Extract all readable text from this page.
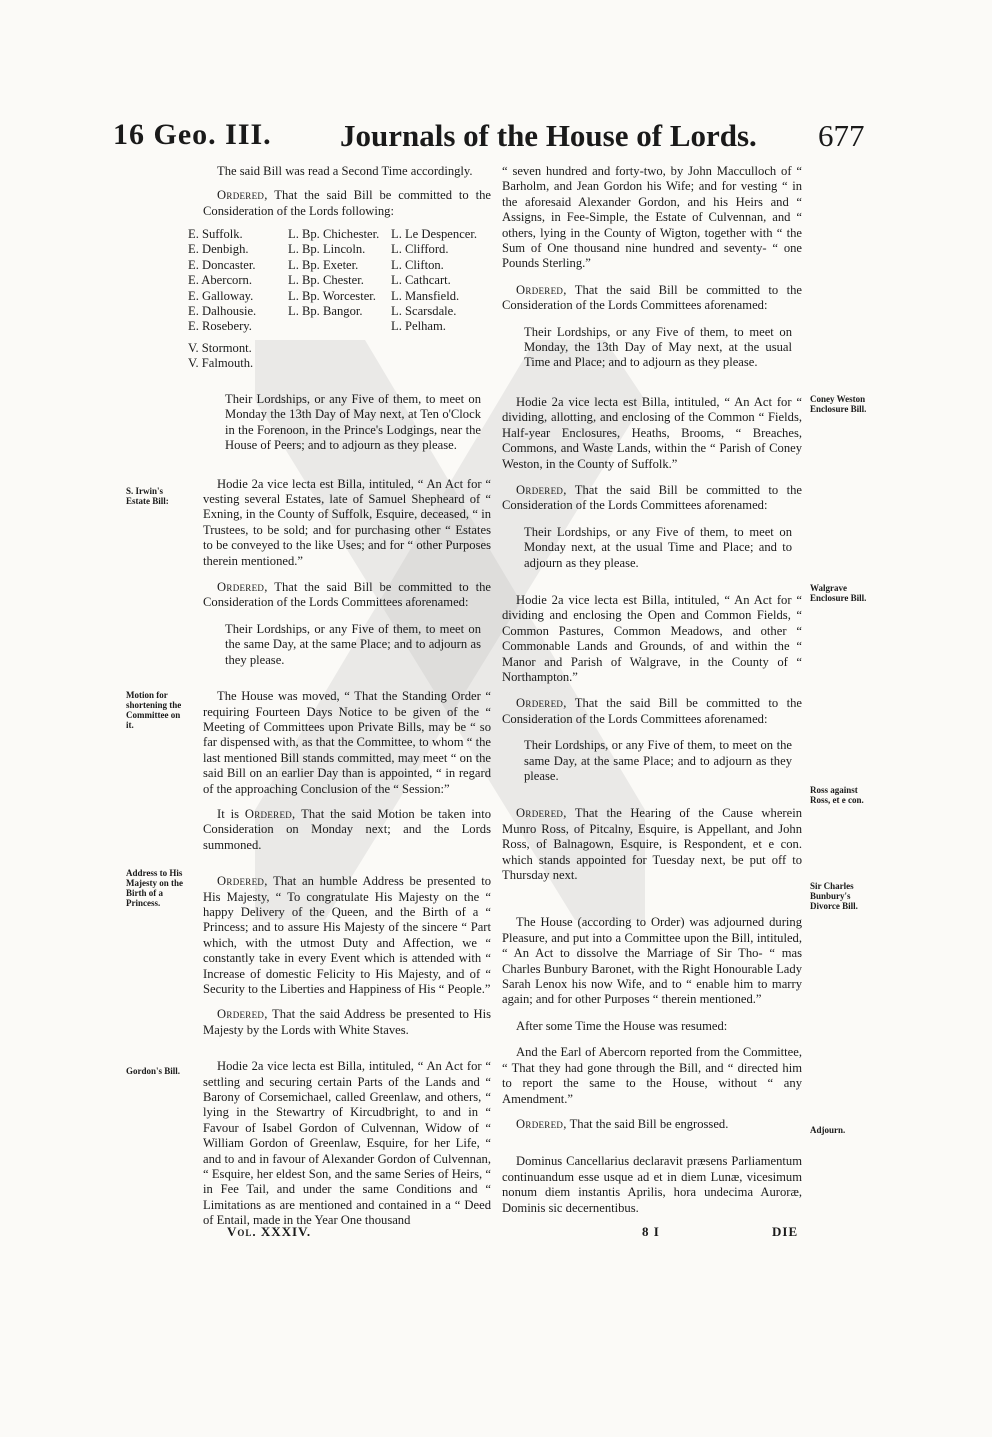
16 Geo. III. Journals of the House of Lords. 677

The said Bill was read a Second Time accordingly.

Ordered, That the said Bill be committed to the Consideration of the Lords following:

E. Suffolk.
E. Denbigh.
E. Doncaster.
E. Abercorn.
E. Galloway.
E. Dalhousie.
E. Rosebery.
V. Stormont.
V. Falmouth.
L. Bp. Chichester.
L. Bp. Lincoln.
L. Bp. Exeter.
L. Bp. Chester.
L. Bp. Worcester.
L. Bp. Bangor.
L. Le Despencer.
L. Clifford.
L. Clifton.
L. Cathcart.
L. Mansfield.
L. Scarsdale.
L. Pelham.

Their Lordships, or any Five of them, to meet on Monday the 13th Day of May next, at Ten o'Clock in the Forenoon, in the Prince's Lodgings, near the House of Peers; and to adjourn as they please.

Hodie 2a vice lecta est Billa, intituled, “ An Act for “ vesting several Estates, late of Samuel Shepheard of “ Exning, in the County of Suffolk, Esquire, deceased, “ in Trustees, to be sold; and for purchasing other “ Estates to be conveyed to the like Uses; and for “ other Purposes therein mentioned.”

Ordered, That the said Bill be committed to the Consideration of the Lords Committees aforenamed:

Their Lordships, or any Five of them, to meet on the same Day, at the same Place; and to adjourn as they please.

The House was moved, “ That the Standing Order “ requiring Fourteen Days Notice to be given of the “ Meeting of Committees upon Private Bills, may be “ so far dispensed with, as that the Committee, to whom “ the last mentioned Bill stands committed, may meet “ on the said Bill on an earlier Day than is appointed, “ in regard of the approaching Conclusion of the “ Session:”

It is Ordered, That the said Motion be taken into Consideration on Monday next; and the Lords summoned.

Ordered, That an humble Address be presented to His Majesty, “ To congratulate His Majesty on the “ happy Delivery of the Queen, and the Birth of a “ Princess; and to assure His Majesty of the sincere “ Part which, with the utmost Duty and Affection, we “ constantly take in every Event which is attended with “ Increase of domestic Felicity to His Majesty, and of “ Security to the Liberties and Happiness of His “ People.”

Ordered, That the said Address be presented to His Majesty by the Lords with White Staves.

Hodie 2a vice lecta est Billa, intituled, “ An Act for “ settling and securing certain Parts of the Lands and “ Barony of Corsemichael, called Greenlaw, and others, “ lying in the Stewartry of Kircudbright, to and in “ Favour of Isabel Gordon of Culvennan, Widow of “ William Gordon of Greenlaw, Esquire, for her Life, “ and to and in favour of Alexander Gordon of Culvennan, “ Esquire, her eldest Son, and the same Series of Heirs, “ in Fee Tail, and under the same Conditions and “ Limitations as are mentioned and contained in a “ Deed of Entail, made in the Year One thousand

“ seven hundred and forty-two, by John Macculloch of “ Barholm, and Jean Gordon his Wife; and for vesting “ in the aforesaid Alexander Gordon, and his Heirs and “ Assigns, in Fee-Simple, the Estate of Culvennan, and “ others, lying in the County of Wigton, together with “ the Sum of One thousand nine hundred and seventy- “ one Pounds Sterling.”

Ordered, That the said Bill be committed to the Consideration of the Lords Committees aforenamed:

Their Lordships, or any Five of them, to meet on Monday, the 13th Day of May next, at the usual Time and Place; and to adjourn as they please.

Hodie 2a vice lecta est Billa, intituled, “ An Act for “ dividing, allotting, and enclosing of the Common “ Fields, Half-year Enclosures, Heaths, Brooms, “ Breaches, Commons, and Waste Lands, within the “ Parish of Coney Weston, in the County of Suffolk.”

Ordered, That the said Bill be committed to the Consideration of the Lords Committees aforenamed:

Their Lordships, or any Five of them, to meet on Monday next, at the usual Time and Place; and to adjourn as they please.

Hodie 2a vice lecta est Billa, intituled, “ An Act for “ dividing and enclosing the Open and Common Fields, “ Common Pastures, Common Meadows, and other “ Commonable Lands and Grounds, of and within the “ Manor and Parish of Walgrave, in the County of “ Northampton.”

Ordered, That the said Bill be committed to the Consideration of the Lords Committees aforenamed:

Their Lordships, or any Five of them, to meet on the same Day, at the same Place; and to adjourn as they please.

Ordered, That the Hearing of the Cause wherein Munro Ross, of Pitcalny, Esquire, is Appellant, and John Ross, of Balnagown, Esquire, is Respondent, et e con. which stands appointed for Tuesday next, be put off to Thursday next.

The House (according to Order) was adjourned during Pleasure, and put into a Committee upon the Bill, intituled, “ An Act to dissolve the Marriage of Sir Tho- “ mas Charles Bunbury Baronet, with the Right Honourable Lady Sarah Lenox his now Wife, and to “ enable him to marry again; and for other Purposes “ therein mentioned.”

After some Time the House was resumed:

And the Earl of Abercorn reported from the Committee, “ That they had gone through the Bill, and “ directed him to report the same to the House, without “ any Amendment.”

Ordered, That the said Bill be engrossed.

Dominus Cancellarius declaravit præsens Parliamentum continuandum esse usque ad et in diem Lunæ, vicesimum nonum diem instantis Aprilis, hora undecima Auroræ, Dominis sic decernentibus.

S. Irwin's Estate Bill:
Motion for shortening the Committee on it.
Address to His Majesty on the Birth of a Princess.
Gordon's Bill.
Coney Weston Enclosure Bill.
Walgrave Enclosure Bill.
Ross against Ross, et e con.
Sir Charles Bunbury's Divorce Bill.
Adjourn.
Vol. XXXIV.	8 I	DIE
